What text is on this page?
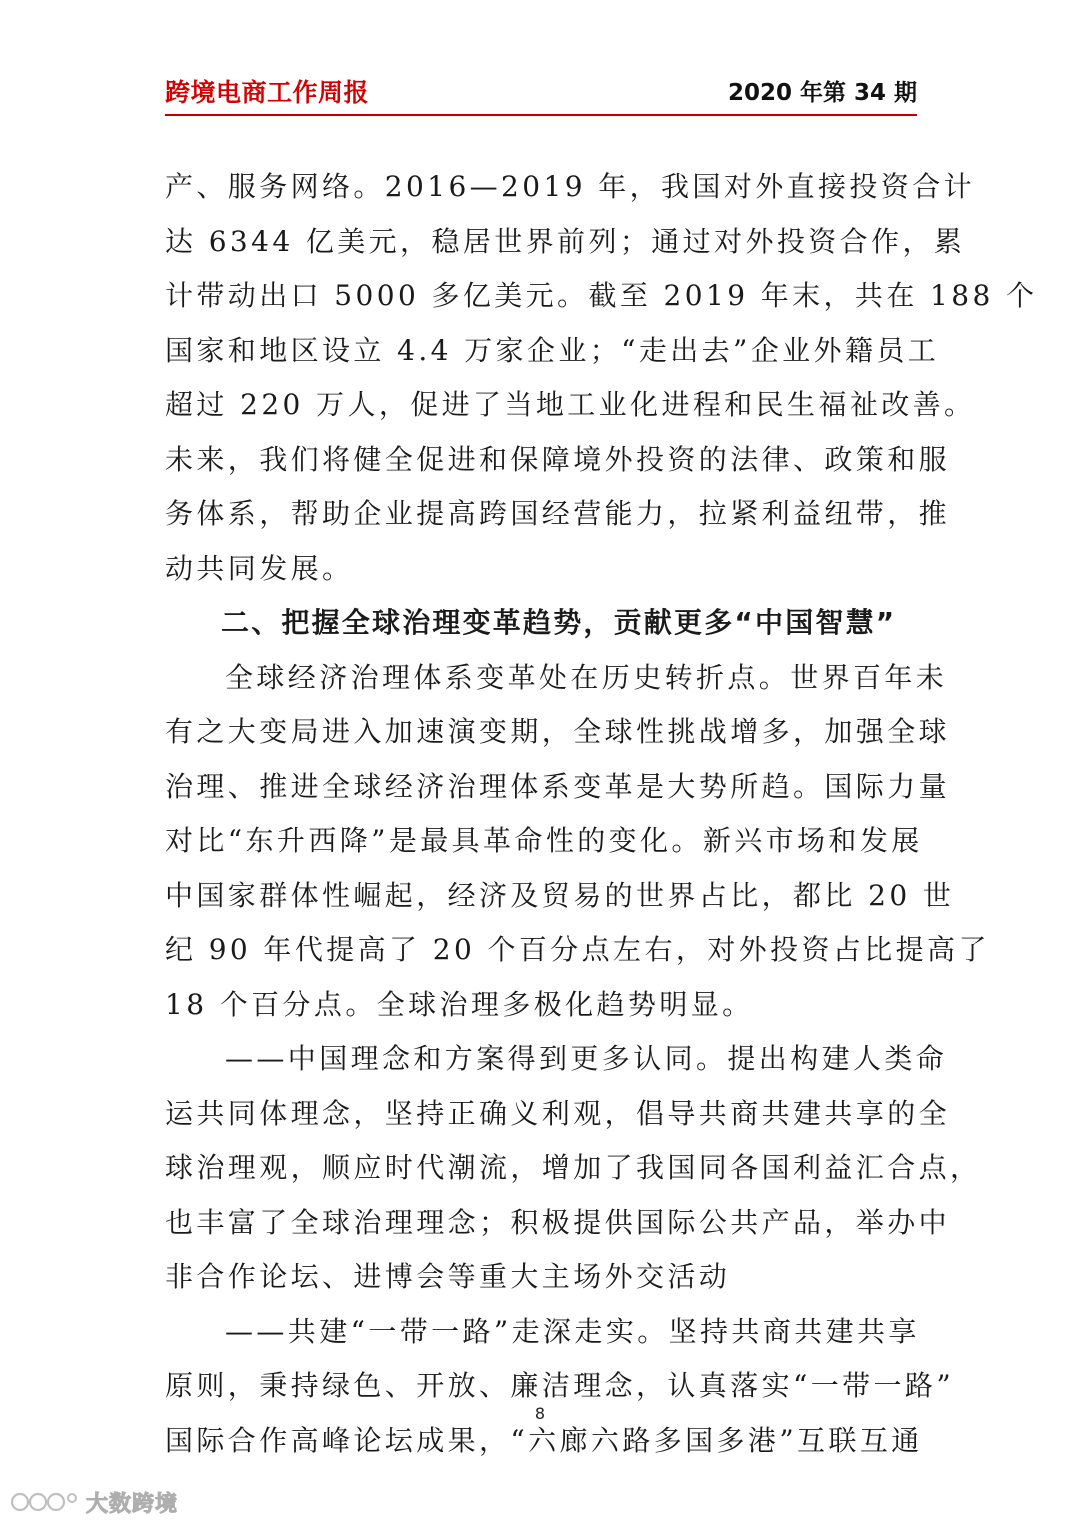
跨境电商工作周报	2020 年第 34 期
产、服务网络。2016—2019 年，我国对外直接投资合计
达 6344 亿美元，稳居世界前列；通过对外投资合作，累
计带动出口 5000 多亿美元。截至 2019 年末，共在 188 个
国家和地区设立 4.4 万家企业；“走出去”企业外籍员工
超过 220 万人，促进了当地工业化进程和民生福祉改善。
未来，我们将健全促进和保障境外投资的法律、政策和服
务体系，帮助企业提高跨国经营能力，拉紧利益纽带，推
动共同发展。
二、把握全球治理变革趋势，贡献更多“中国智慧”
全球经济治理体系变革处在历史转折点。世界百年未
有之大变局进入加速演变期，全球性挑战增多，加强全球
治理、推进全球经济治理体系变革是大势所趋。国际力量
对比“东升西降”是最具革命性的变化。新兴市场和发展
中国家群体性崛起，经济及贸易的世界占比，都比 20 世
纪 90 年代提高了 20 个百分点左右，对外投资占比提高了
18 个百分点。全球治理多极化趋势明显。
——中国理念和方案得到更多认同。提出构建人类命
运共同体理念，坚持正确义利观，倡导共商共建共享的全
球治理观，顺应时代潮流，增加了我国同各国利益汇合点，
也丰富了全球治理理念；积极提供国际公共产品，举办中
非合作论坛、进博会等重大主场外交活动
——共建“一带一路”走深走实。坚持共商共建共享
原则，秉持绿色、开放、廉洁理念，认真落实“一带一路”
国际合作高峰论坛成果，“六廊六路多国多港”互联互通
8
大数跨境
